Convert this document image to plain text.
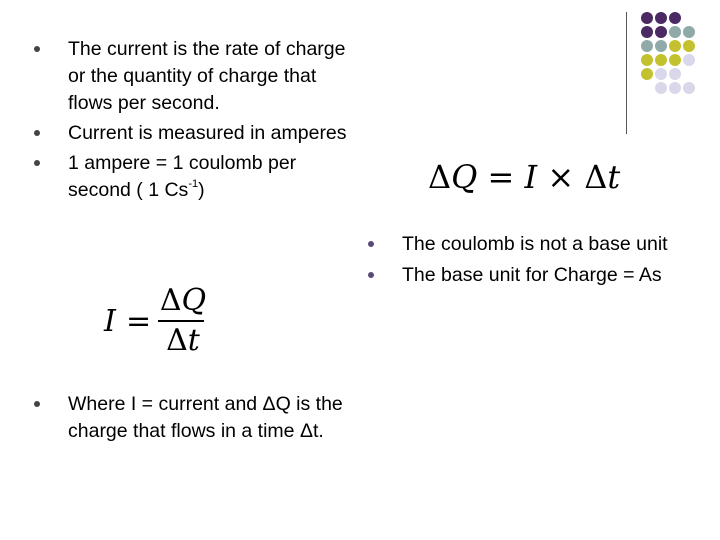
The current is the rate of charge or the quantity of charge that flows per second.
Current is measured in amperes
1 ampere = 1 coulomb per second ( 1 $Cs^{-1}$)	ΔQ = I × Δt
I =
ΔQ
Δt
Where I = current and ΔQ is the charge that flows in a time Δt.
The coulomb is not a base unit
The base unit for Charge = As
